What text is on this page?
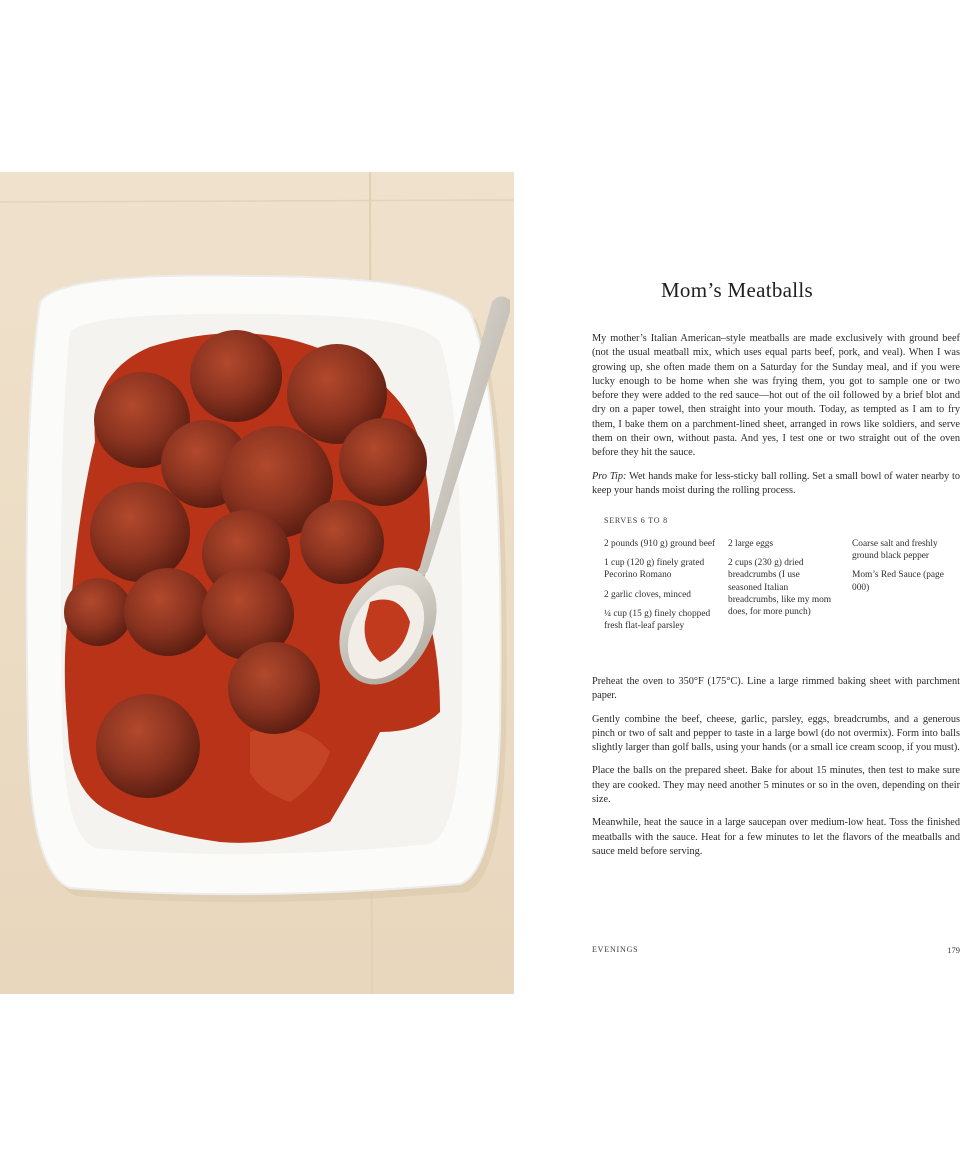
Mom’s Meatballs

My mother’s Italian American–style meatballs are made exclusively with ground beef (not the usual meatball mix, which uses equal parts beef, pork, and veal). When I was growing up, she often made them on a Saturday for the Sunday meal, and if you were lucky enough to be home when she was frying them, you got to sample one or two before they were added to the red sauce—hot out of the oil followed by a brief blot and dry on a paper towel, then straight into your mouth. Today, as tempted as I am to fry them, I bake them on a parchment-lined sheet, arranged in rows like soldiers, and serve them on their own, without pasta. And yes, I test one or two straight out of the oven before they hit the sauce.

Pro Tip: Wet hands make for less-sticky ball rolling. Set a small bowl of water nearby to keep your hands moist during the rolling process.

SERVES 6 TO 8
2 pounds (910 g) ground beef
1 cup (120 g) finely grated Pecorino Romano
2 garlic cloves, minced
¼ cup (15 g) finely chopped fresh flat-leaf parsley
2 large eggs
2 cups (230 g) dried breadcrumbs (I use seasoned Italian breadcrumbs, like my mom does, for more punch)
Coarse salt and freshly ground black pepper
Mom’s Red Sauce (page 000)

Preheat the oven to 350°F (175°C). Line a large rimmed baking sheet with parchment paper.

Gently combine the beef, cheese, garlic, parsley, eggs, breadcrumbs, and a generous pinch or two of salt and pepper to taste in a large bowl (do not overmix). Form into balls slightly larger than golf balls, using your hands (or a small ice cream scoop, if you must).

Place the balls on the prepared sheet. Bake for about 15 minutes, then test to make sure they are cooked. They may need another 5 minutes or so in the oven, depending on their size.

Meanwhile, heat the sauce in a large saucepan over medium-low heat. Toss the finished meatballs with the sauce. Heat for a few minutes to let the flavors of the meatballs and sauce meld before serving.

EVENINGS	179
